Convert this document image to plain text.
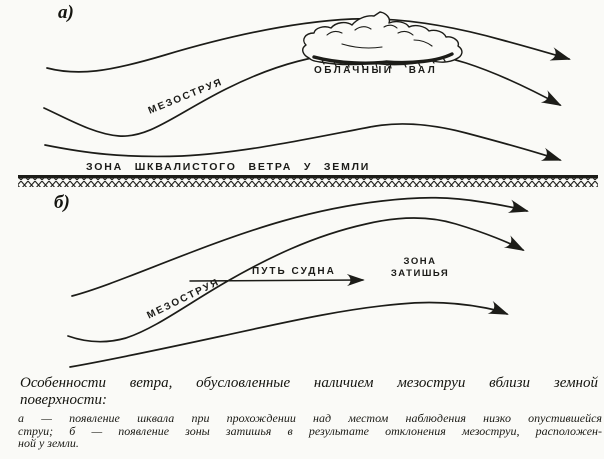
а)
МЕЗОСТРУЯ
ОБЛАЧНЫЙ ВАЛ
ЗОНА ШКВАЛИСТОГО ВЕТРА У ЗЕМЛИ
б)
МЕЗОСТРУЯ
ПУТЬ СУДНА
ЗОНА
ЗАТИШЬЯ
Особенности ветра, обусловленные наличием мезоструи вблизи земной
поверхности:
а — появление шквала при прохождении над местом наблюдения низко опустившейся
струи; б — появление зоны затишья в результате отклонения мезоструи, расположен-
ной у земли.
